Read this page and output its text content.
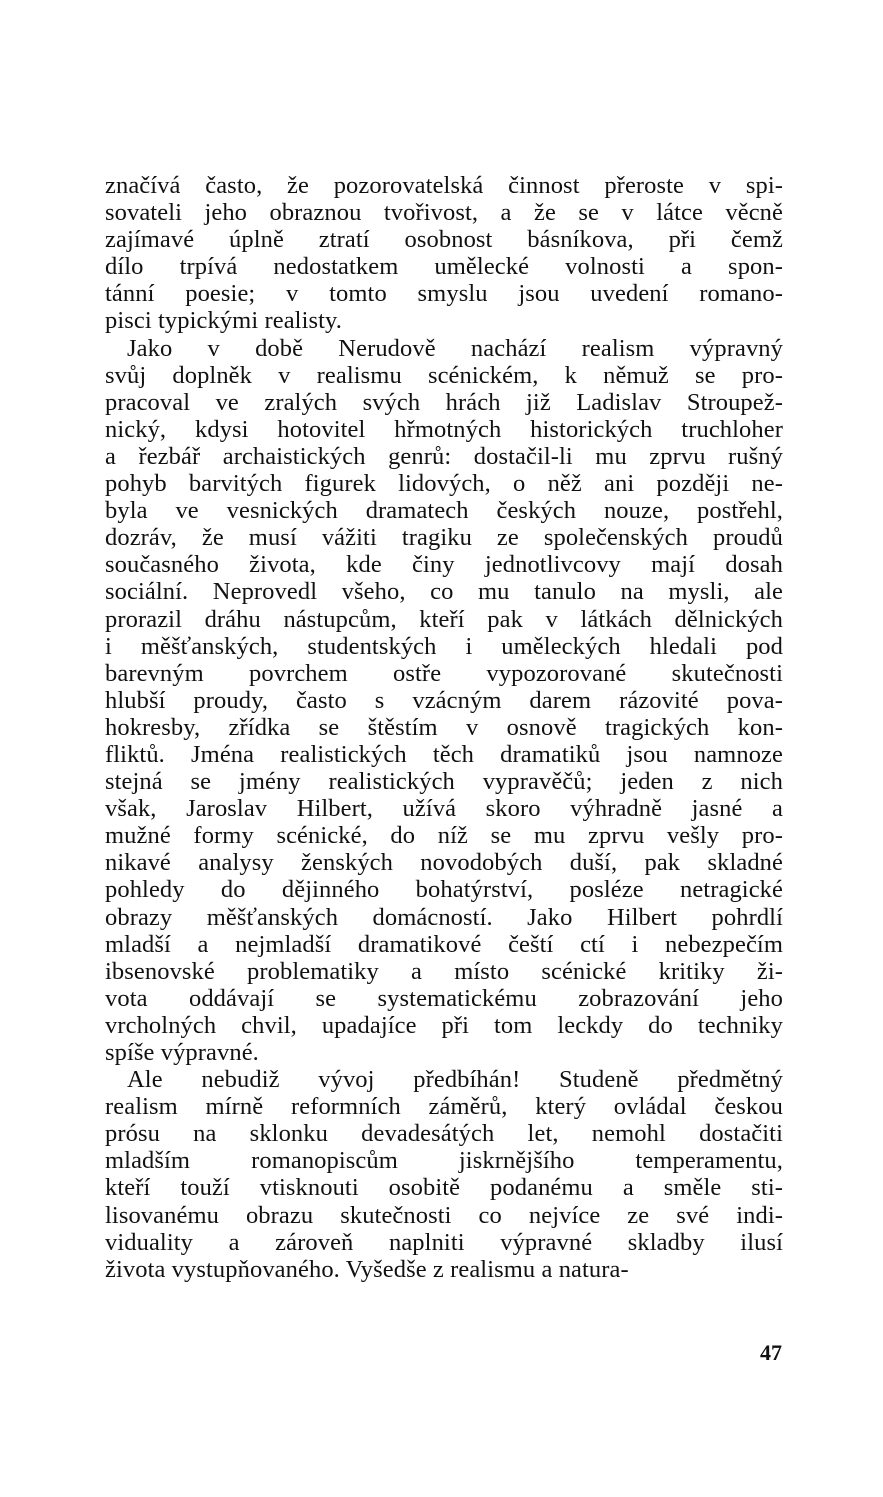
značívá často, že pozorovatelská činnost přeroste v spi-
sovateli jeho obraznou tvořivost, a že se v látce věcně
zajímavé úplně ztratí osobnost básníkova, při čemž
dílo trpívá nedostatkem umělecké volnosti a spon-
tánní poesie; v tomto smyslu jsou uvedení romano-
pisci typickými realisty.
Jako v době Nerudově nachází realism výpravný
svůj doplněk v realismu scénickém, k němuž se pro-
pracoval ve zralých svých hrách již Ladislav Stroupež-
nický, kdysi hotovitel hřmotných historických truchloher
a řezbář archaistických genrů: dostačil-li mu zprvu rušný
pohyb barvitých figurek lidových, o něž ani později ne-
byla ve vesnických dramatech českých nouze, postřehl,
dozráv, že musí vážiti tragiku ze společenských proudů
současného života, kde činy jednotlivcovy mají dosah
sociální. Neprovedl všeho, co mu tanulo na mysli, ale
prorazil dráhu nástupcům, kteří pak v látkách dělnických
i měšťanských, studentských i uměleckých hledali pod
barevným povrchem ostře vypozorované skutečnosti
hlubší proudy, často s vzácným darem rázovité pova-
hokresby, zřídka se štěstím v osnově tragických kon-
fliktů. Jména realistických těch dramatiků jsou namnoze
stejná se jmény realistických vypravěčů; jeden z nich
však, Jaroslav Hilbert, užívá skoro výhradně jasné a
mužné formy scénické, do níž se mu zprvu vešly pro-
nikavé analysy ženských novodobých duší, pak skladné
pohledy do dějinného bohatýrství, posléze netragické
obrazy měšťanských domácností. Jako Hilbert pohrdlí
mladší a nejmladší dramatikové čeští ctí i nebezpečím
ibsenovské problematiky a místo scénické kritiky ži-
vota oddávají se systematickému zobrazování jeho
vrcholných chvil, upadajíce při tom leckdy do techniky
spíše výpravné.
Ale nebudiž vývoj předbíhán! Studeně předmětný
realism mírně reformních záměrů, který ovládal českou
prósu na sklonku devadesátých let, nemohl dostačiti
mladším romanopiscům jiskrnějšího temperamentu,
kteří touží vtisknouti osobitě podanému a směle sti-
lisovanému obrazu skutečnosti co nejvíce ze své indi-
viduality a zároveň naplniti výpravné skladby ilusí
života vystupňovaného. Vyšedše z realismu a natura-
47
